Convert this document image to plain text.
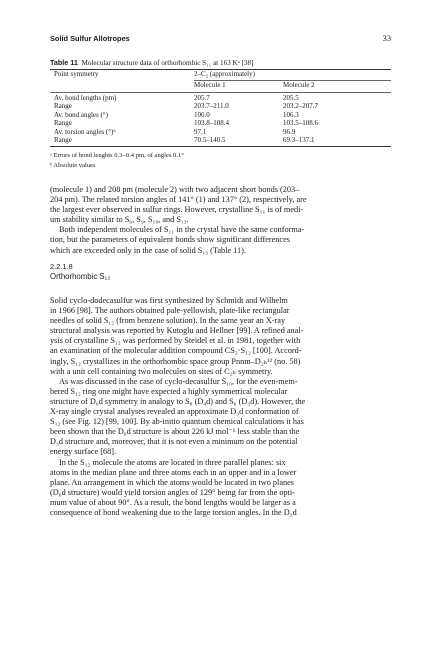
Solid Sulfur Allotropes	33
Table 11 Molecular structure data of orthorhombic S₁₁ at 163 Kᵃ [38]
Point symmetry	2–C₂ (approximately)
Molecule 1	Molecule 2
Av. bond lengths (pm)	205.7	205.5
Range	203.7–211.0	203.2–207.7
Av. bond angles (°)	106.0	106.3
Range	103.8–108.4	103.5–108.6
Av. torsion angles (°)ᵇ	97.1	96.9
Range	70.5–140.5	69.3–137.1
ᵃ Errors of bond lenghts 0.3–0.4 pm, of angles 0.1°
ᵇ Absolute values

(molecule 1) and 208 pm (molecule 2) with two adjacent short bonds (203–

204 pm). The related torsion angles of 141° (1) and 137° (2), respectively, are

the largest ever observed in sulfur rings. However, crystalline S₁₁ is of medi-

um stability similar to S₆, S₉, S₁₀, and S₁₃.

Both independent molecules of S₁₁ in the crystal have the same conforma-

tion, but the parameters of equivalent bonds show significant differences

which are exceeded only in the case of solid S₁₃ (Table 11).

2.2.1.8
Orthorhombic S₁₂

Solid cyclo-dodecasulfur was first synthesized by Schmidt and Wilhelm

in 1966 [98]. The authors obtained pale-yellowish, plate-like rectangular

needles of solid S₁₂ (from benzene solution). In the same year an X-ray

structural analysis was reported by Kutoglu and Hellner [99]. A refined anal-

ysis of crystalline S₁₂ was performed by Steidel et al. in 1981, together with

an examination of the molecular addition compound CS₂·S₁₂ [100]. Accord-

ingly, S₁₂ crystallizes in the orthorhombic space group Pnnm–D₂ₕ¹² (no. 58)

with a unit cell containing two molecules on sites of C₂ₕ symmetry.

As was discussed in the case of cyclo-decasulfur S₁₀, for the even-mem-

bered S₁₂ ring one might have expected a highly symmetrical molecular

structure of D₆d symmetry in analogy to S₈ (D₄d) and S₆ (D₃d). However, the

X-ray single crystal analyses revealed an approximate D₃d conformation of

S₁₂ (see Fig. 12) [99, 100]. By ab-initio quantum chemical calculations it has

been shown that the D₆d structure is about 226 kJ mol⁻¹ less stable than the

D₃d structure and, moreover, that it is not even a minimum on the potential

energy surface [68].

In the S₁₂ molecule the atoms are located in three parallel planes: six

atoms in the median plane and three atoms each in an upper and in a lower

plane. An arrangement in which the atoms would be located in two planes

(D₆d structure) would yield torsion angles of 129° being far from the opti-

mum value of about 90°. As a result, the bond lengths would be larger as a

consequence of bond weakening due to the large torsion angles. In the D₃d
